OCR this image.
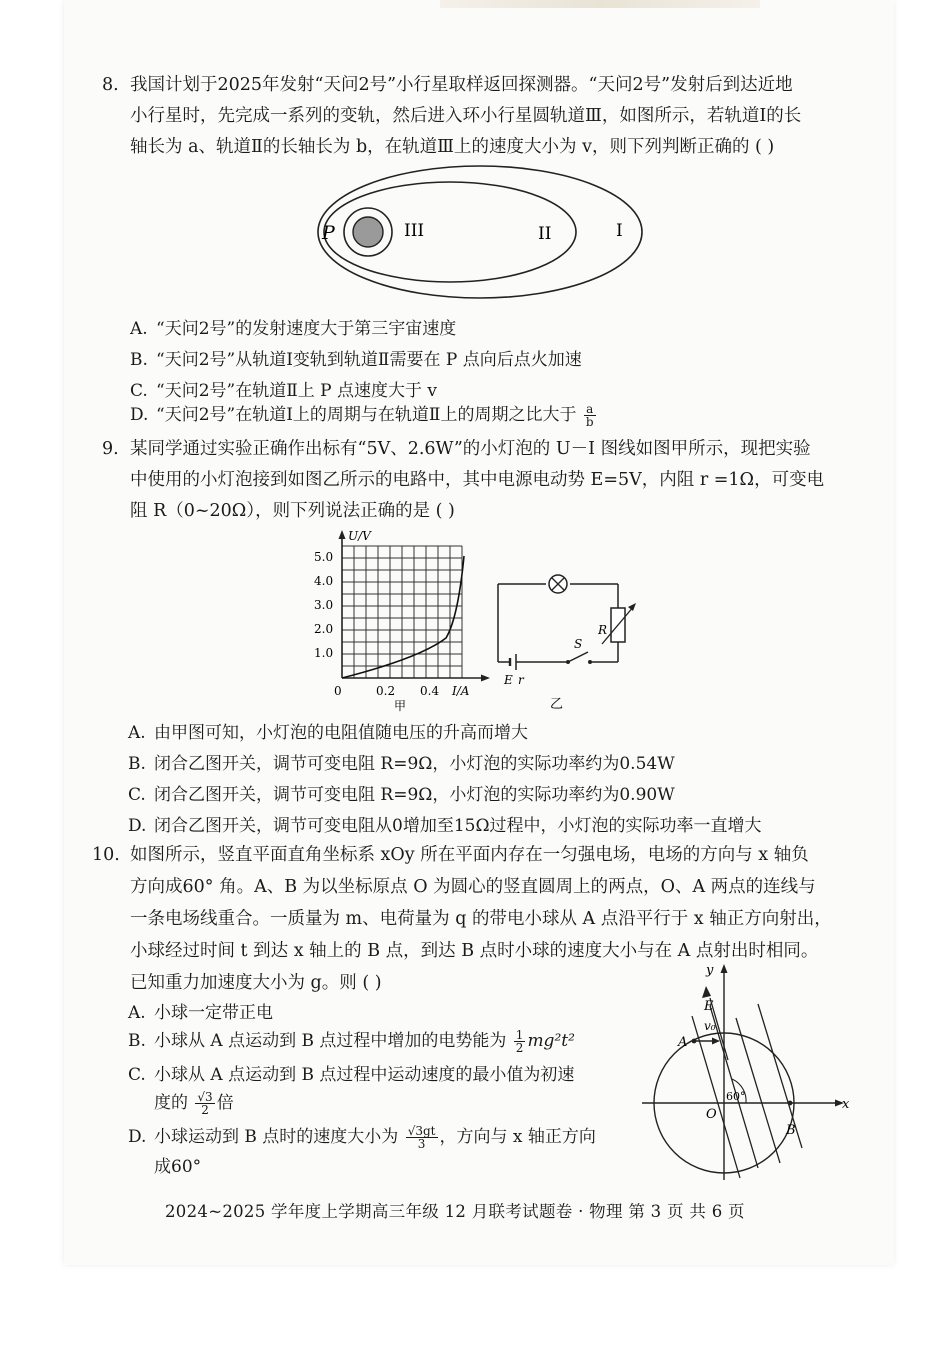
8. 我国计划于2025年发射“天问2号”小行星取样返回探测器。“天问2号”发射后到达近地
小行星时，先完成一系列的变轨，然后进入环小行星圆轨道Ⅲ，如图所示，若轨道Ⅰ的长
轴长为 a、轨道Ⅱ的长轴长为 b，在轨道Ⅲ上的速度大小为 v，则下列判断正确的 ( )
P	III	II	I
A. “天问2号”的发射速度大于第三宇宙速度
B. “天问2号”从轨道Ⅰ变轨到轨道Ⅱ需要在 P 点向后点火加速
C. “天问2号”在轨道Ⅱ上 P 点速度大于 v
D. “天问2号”在轨道Ⅰ上的周期与在轨道Ⅱ上的周期之比大于 $\frac{a}{b}$
9. 某同学通过实验正确作出标有“5V、2.6W”的小灯泡的 U－I 图线如图甲所示，现把实验
中使用的小灯泡接到如图乙所示的电路中，其中电源电动势 E=5V，内阻 r =1Ω，可变电
阻 R（0~20Ω），则下列说法正确的是 ( )
U/V
5.0
4.0
3.0
2.0
1.0
0	0.2 0.4 I/A
甲
R
S
E r
乙
A. 由甲图可知，小灯泡的电阻值随电压的升高而增大
B. 闭合乙图开关，调节可变电阻 R=9Ω，小灯泡的实际功率约为0.54W
C. 闭合乙图开关，调节可变电阻 R=9Ω，小灯泡的实际功率约为0.90W
D. 闭合乙图开关，调节可变电阻从0增加至15Ω过程中，小灯泡的实际功率一直增大
10. 如图所示，竖直平面直角坐标系 xOy 所在平面内存在一匀强电场，电场的方向与 x 轴负
方向成60° 角。A、B 为以坐标原点 O 为圆心的竖直圆周上的两点，O、A 两点的连线与
一条电场线重合。一质量为 m、电荷量为 q 的带电小球从 A 点沿平行于 x 轴正方向射出，
小球经过时间 t 到达 x 轴上的 B 点，到达 B 点时小球的速度大小与在 A 点射出时相同。
已知重力加速度大小为 g。则 ( )
A. 小球一定带正电
B. 小球从 A 点运动到 B 点过程中增加的电势能为 $\frac{1}{2} mg^2t^2$
C. 小球从 A 点运动到 B 点过程中运动速度的最小值为初速
度的 $\frac{√3}{2}$ 倍
D. 小球运动到 B 点时的速度大小为 $\frac{√3gt}{3}$ ，方向与 x 轴正方向
成60°
y
x
E
v₀
A
B
O
60°
2024~2025 学年度上学期高三年级 12 月联考试题卷 · 物理 第 3 页 共 6 页
